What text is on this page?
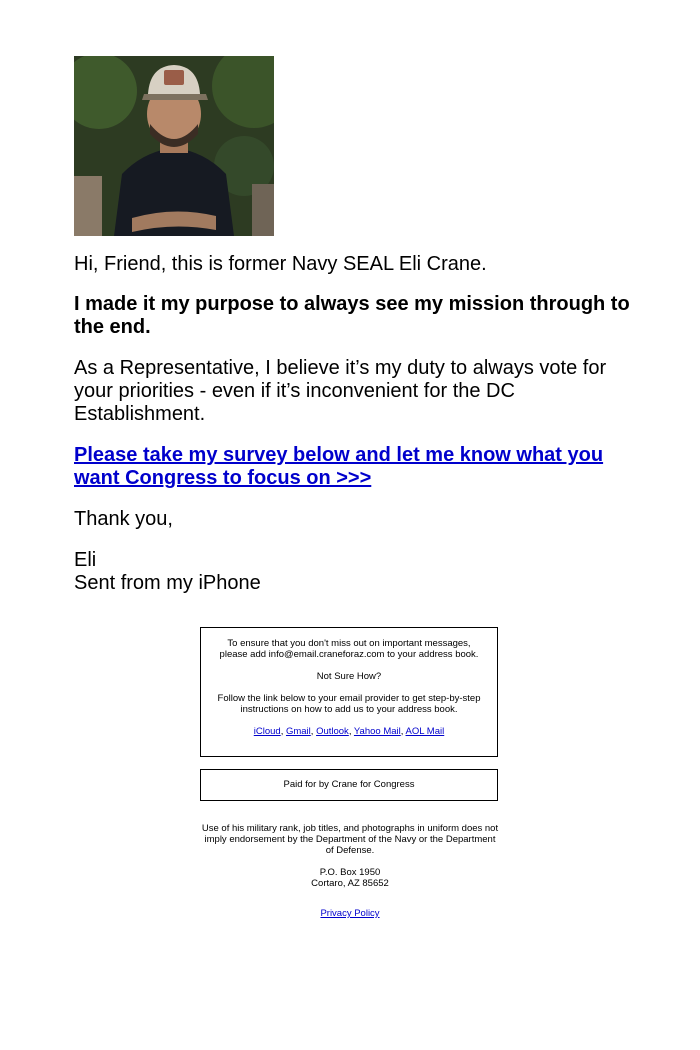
Hi, Friend, this is former Navy SEAL Eli Crane.
I made it my purpose to always see my mission through to the end.
As a Representative, I believe it’s my duty to always vote for your priorities - even if it’s inconvenient for the DC Establishment.
Please take my survey below and let me know what you want Congress to focus on >>>
Thank you,
Eli
Sent from my iPhone

To ensure that you don't miss out on important messages, please add info@email.craneforaz.com to your address book.

Not Sure How?

Follow the link below to your email provider to get step-by-step instructions on how to add us to your address book.

iCloud, Gmail, Outlook, Yahoo Mail, AOL Mail

Paid for by Crane for Congress

Use of his military rank, job titles, and photographs in uniform does not imply endorsement by the Department of the Navy or the Department of Defense.

P.O. Box 1950
Cortaro, AZ 85652

Privacy Policy
